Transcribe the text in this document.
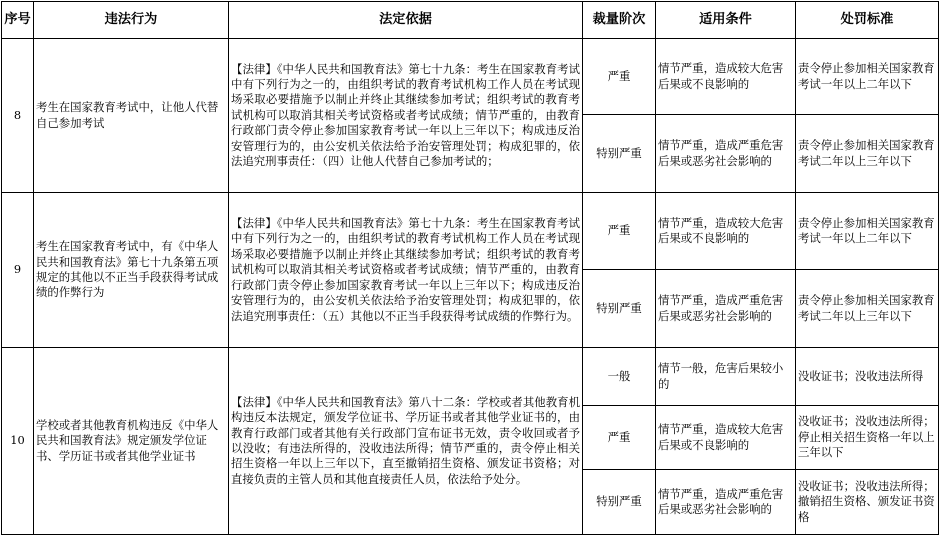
序号	违法行为	法定依据	裁量阶次	适用条件	处罚标准
8	考生在国家教育考试中，让他人代替自己参加考试	【法律】《中华人民共和国教育法》第七十九条：考生在国家教育考试中有下列行为之一的，由组织考试的教育考试机构工作人员在考试现场采取必要措施予以制止并终止其继续参加考试；组织考试的教育考试机构可以取消其相关考试资格或者考试成绩；情节严重的，由教育行政部门责令停止参加国家教育考试一年以上三年以下；构成违反治安管理行为的，由公安机关依法给予治安管理处罚；构成犯罪的，依法追究刑事责任：（四）让他人代替自己参加考试的；	严重	情节严重，造成较大危害后果或不良影响的	责令停止参加相关国家教育考试一年以上二年以下
			特别严重	情节严重，造成严重危害后果或恶劣社会影响的	责令停止参加相关国家教育考试二年以上三年以下
9	考生在国家教育考试中，有《中华人民共和国教育法》第七十九条第五项规定的其他以不正当手段获得考试成绩的作弊行为	【法律】《中华人民共和国教育法》第七十九条：考生在国家教育考试中有下列行为之一的，由组织考试的教育考试机构工作人员在考试现场采取必要措施予以制止并终止其继续参加考试；组织考试的教育考试机构可以取消其相关考试资格或者考试成绩；情节严重的，由教育行政部门责令停止参加国家教育考试一年以上三年以下；构成违反治安管理行为的，由公安机关依法给予治安管理处罚；构成犯罪的，依法追究刑事责任：（五）其他以不正当手段获得考试成绩的作弊行为。	严重	情节严重，造成较大危害后果或不良影响的	责令停止参加相关国家教育考试一年以上二年以下
			特别严重	情节严重，造成严重危害后果或恶劣社会影响的	责令停止参加相关国家教育考试二年以上三年以下
10	学校或者其他教育机构违反《中华人民共和国教育法》规定颁发学位证书、学历证书或者其他学业证书	【法律】《中华人民共和国教育法》第八十二条：学校或者其他教育机构违反本法规定，颁发学位证书、学历证书或者其他学业证书的，由教育行政部门或者其他有关行政部门宣布证书无效，责令收回或者予以没收；有违法所得的，没收违法所得；情节严重的，责令停止相关招生资格一年以上三年以下，直至撤销招生资格、颁发证书资格；对直接负责的主管人员和其他直接责任人员，依法给予处分。	一般	情节一般，危害后果较小的	没收证书；没收违法所得
			严重	情节严重，造成较大危害后果或不良影响的	没收证书；没收违法所得；停止相关招生资格一年以上三年以下
			特别严重	情节严重，造成严重危害后果或恶劣社会影响的	没收证书；没收违法所得；撤销招生资格、颁发证书资格
